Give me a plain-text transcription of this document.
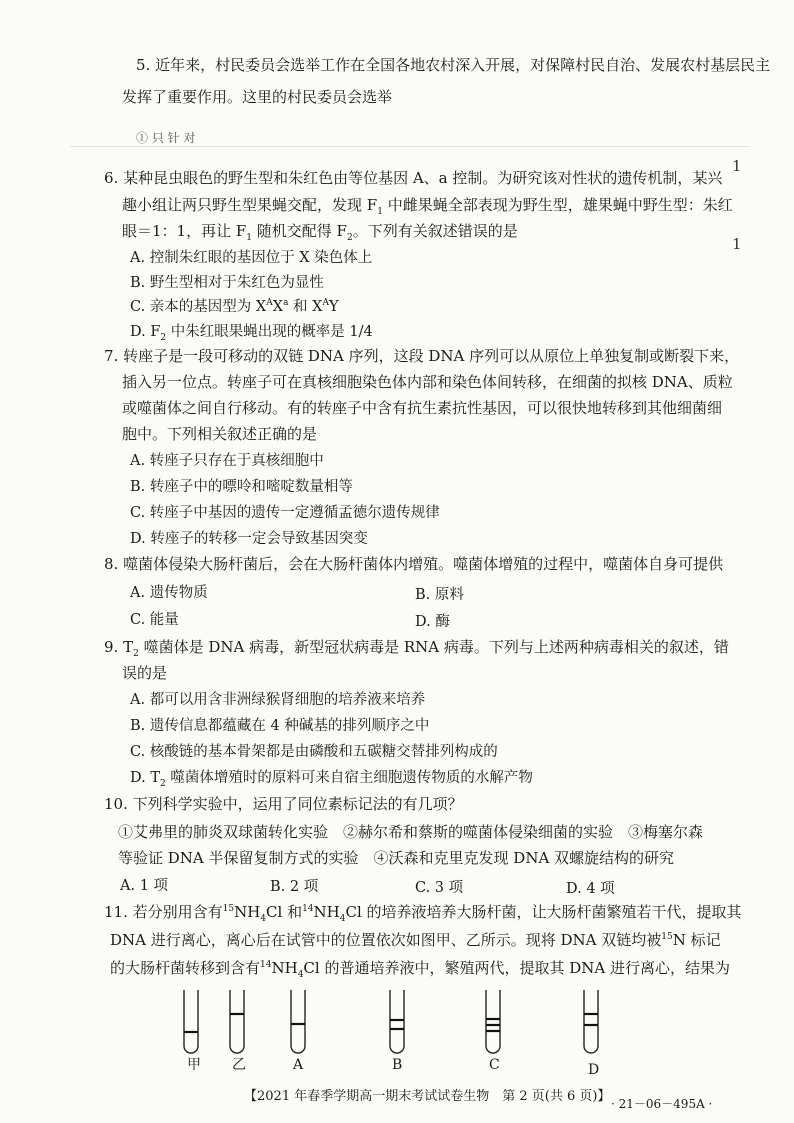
5. 近年来，村民委员会选举工作在全国各地农村深入开展，对保障村民自治、发展农村基层民主
发挥了重要作用。这里的村民委员会选举
① 只 针 对
1
1
6. 某种昆虫眼色的野生型和朱红色由等位基因 A、a 控制。为研究该对性状的遗传机制，某兴
趣小组让两只野生型果蝇交配，发现 $F_1$ 中雌果蝇全部表现为野生型，雄果蝇中野生型：朱红
眼＝1：1，再让 $F_1$ 随机交配得 $F_2$。下列有关叙述错误的是
A. 控制朱红眼的基因位于 X 染色体上
B. 野生型相对于朱红色为显性
C. 亲本的基因型为 $X^AX^a$ 和 $X^AY$
D. $F_2$ 中朱红眼果蝇出现的概率是 1/4
7. 转座子是一段可移动的双链 DNA 序列，这段 DNA 序列可以从原位上单独复制或断裂下来，
插入另一位点。转座子可在真核细胞染色体内部和染色体间转移，在细菌的拟核 DNA、质粒
或噬菌体之间自行移动。有的转座子中含有抗生素抗性基因，可以很快地转移到其他细菌细
胞中。下列相关叙述正确的是
A. 转座子只存在于真核细胞中
B. 转座子中的嘌呤和嘧啶数量相等
C. 转座子中基因的遗传一定遵循孟德尔遗传规律
D. 转座子的转移一定会导致基因突变
8. 噬菌体侵染大肠杆菌后，会在大肠杆菌体内增殖。噬菌体增殖的过程中，噬菌体自身可提供
A. 遗传物质	B. 原料
C. 能量	D. 酶
9. $T_2$ 噬菌体是 DNA 病毒，新型冠状病毒是 RNA 病毒。下列与上述两种病毒相关的叙述，错
误的是
A. 都可以用含非洲绿猴肾细胞的培养液来培养
B. 遗传信息都蕴藏在 4 种碱基的排列顺序之中
C. 核酸链的基本骨架都是由磷酸和五碳糖交替排列构成的
D. $T_2$ 噬菌体增殖时的原料可来自宿主细胞遗传物质的水解产物
10. 下列科学实验中，运用了同位素标记法的有几项？
①艾弗里的肺炎双球菌转化实验　②赫尔希和蔡斯的噬菌体侵染细菌的实验　③梅塞尔森
等验证 DNA 半保留复制方式的实验　④沃森和克里克发现 DNA 双螺旋结构的研究
A. 1 项	B. 2 项	C. 3 项	D. 4 项
11. 若分别用含有$^{15}NH_4Cl$ 和$^{14}NH_4Cl$ 的培养液培养大肠杆菌，让大肠杆菌繁殖若干代，提取其
DNA 进行离心，离心后在试管中的位置依次如图甲、乙所示。现将 DNA 双链均被$^{15}$N 标记
的大肠杆菌转移到含有$^{14}NH_4Cl$ 的普通培养液中，繁殖两代，提取其 DNA 进行离心，结果为
甲 乙	A	B	C	D
【2021 年春季学期高一期末考试试卷生物　第 2 页(共 6 页)】 · 21－06－495A ·
